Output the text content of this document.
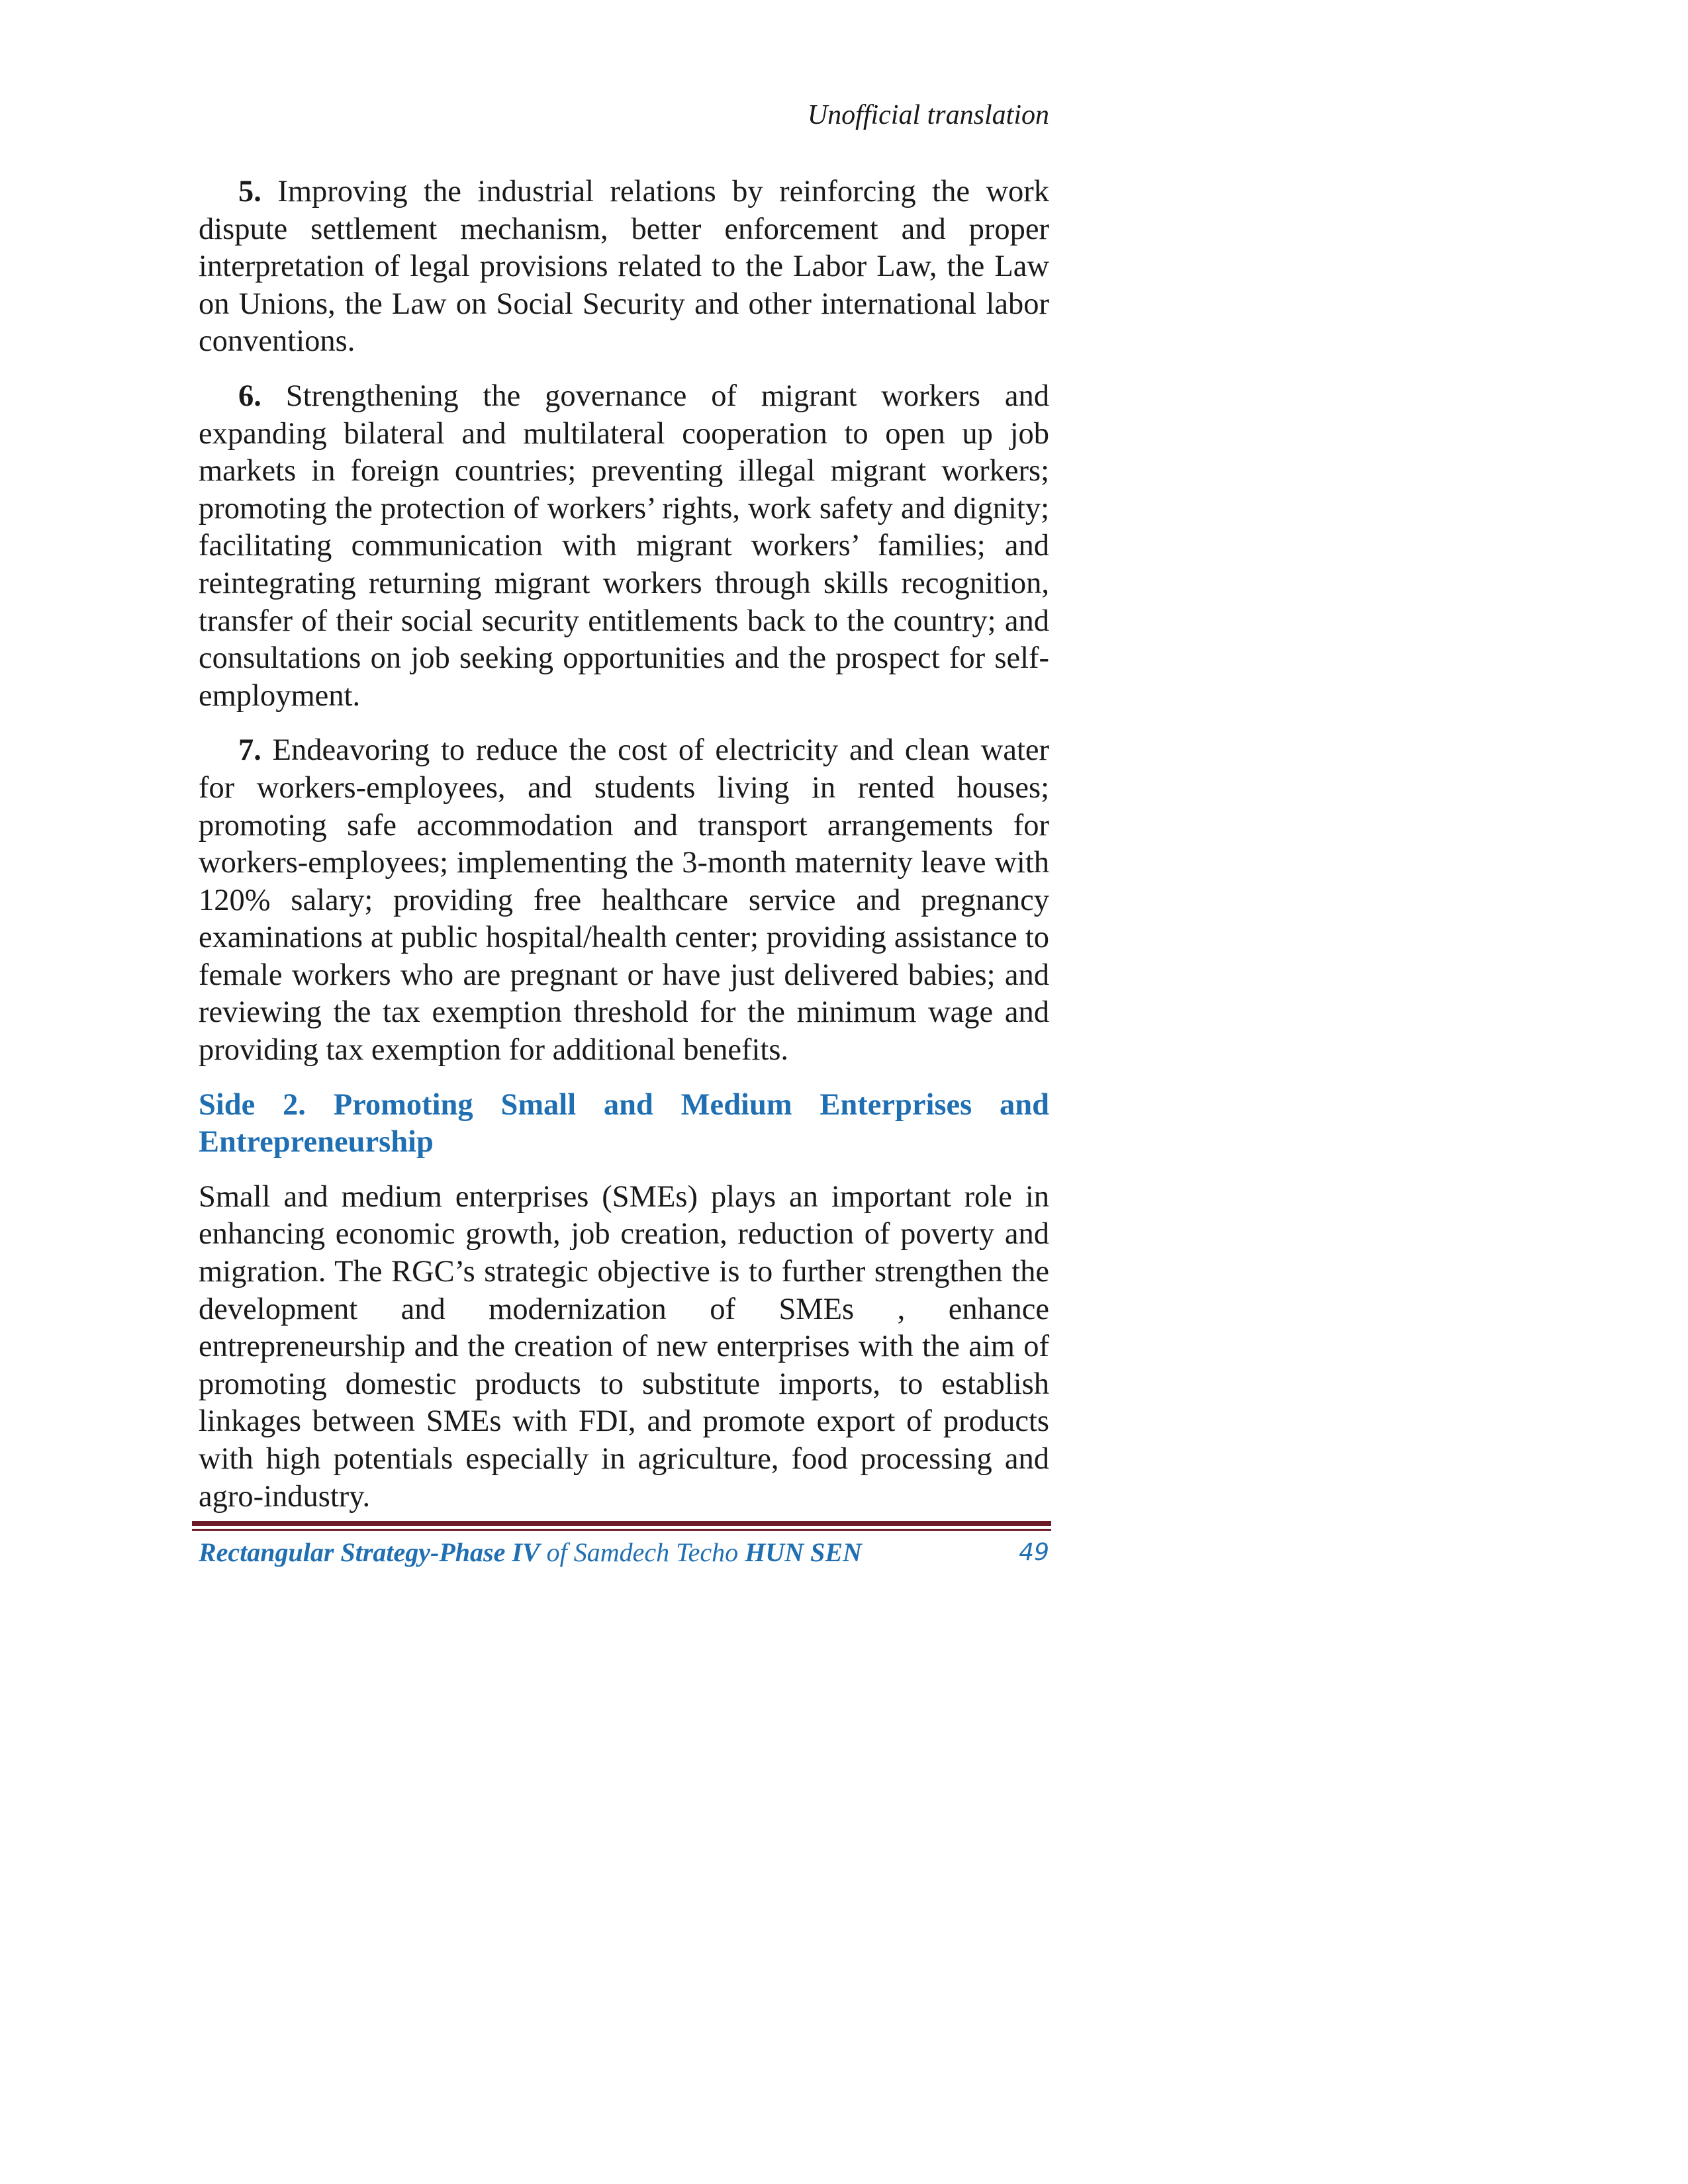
Unofficial translation

5. Improving the industrial relations by reinforcing the work dispute settlement mechanism, better enforcement and proper interpretation of legal provisions related to the Labor Law, the Law on Unions, the Law on Social Security and other international labor conventions.

6. Strengthening the governance of migrant workers and expanding bilateral and multilateral cooperation to open up job markets in foreign countries; preventing illegal migrant workers; promoting the protection of workers’ rights, work safety and dignity; facilitating communication with migrant workers’ families; and reintegrating returning migrant workers through skills recognition, transfer of their social security entitlements back to the country; and consultations on job seeking opportunities and the prospect for self-employment.

7. Endeavoring to reduce the cost of electricity and clean water for workers-employees, and students living in rented houses; promoting safe accommodation and transport arrangements for workers-employees; implementing the 3-month maternity leave with 120% salary; providing free healthcare service and pregnancy examinations at public hospital/health center; providing assistance to female workers who are pregnant or have just delivered babies; and reviewing the tax exemption threshold for the minimum wage and providing tax exemption for additional benefits.

Side 2. Promoting Small and Medium Enterprises and Entrepreneurship

Small and medium enterprises (SMEs) plays an important role in enhancing economic growth, job creation, reduction of poverty and migration. The RGC’s strategic objective is to further strengthen the development and modernization of SMEs , enhance entrepreneurship and the creation of new enterprises with the aim of promoting domestic products to substitute imports, to establish linkages between SMEs with FDI, and promote export of products with high potentials especially in agriculture, food processing and agro-industry.

Rectangular Strategy-Phase IV of Samdech Techo HUN SEN	49
